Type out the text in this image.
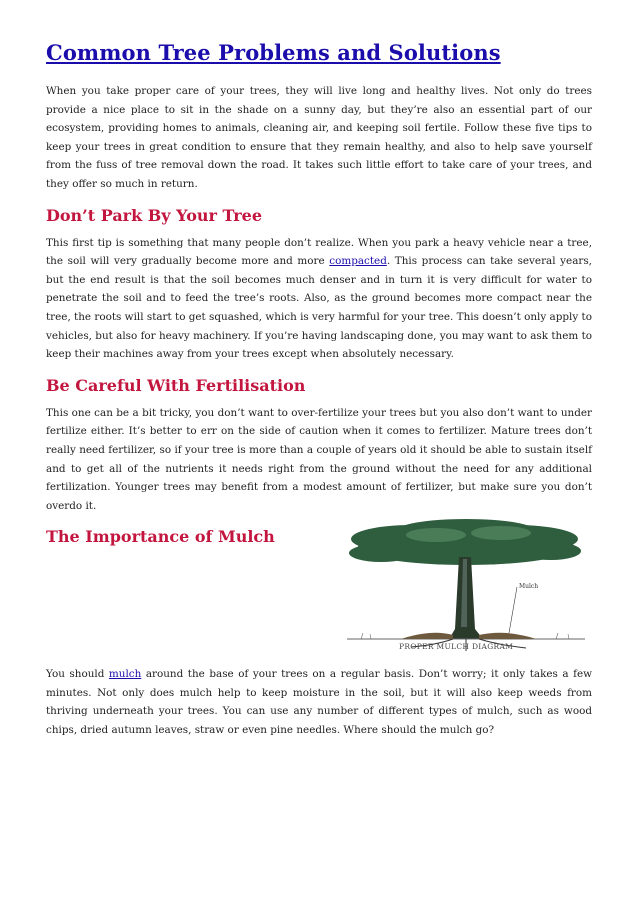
Common Tree Problems and Solutions

When you take proper care of your trees, they will live long and healthy lives. Not only do trees provide a nice place to sit in the shade on a sunny day, but they’re also an essential part of our ecosystem, providing homes to animals, cleaning air, and keeping soil fertile. Follow these five tips to keep your trees in great condition to ensure that they remain healthy, and also to help save yourself from the fuss of tree removal down the road. It takes such little effort to take care of your trees, and they offer so much in return.

Don’t Park By Your Tree

This first tip is something that many people don’t realize. When you park a heavy vehicle near a tree, the soil will very gradually become more and more compacted. This process can take several years, but the end result is that the soil becomes much denser and in turn it is very difficult for water to penetrate the soil and to feed the tree’s roots. Also, as the ground becomes more compact near the tree, the roots will start to get squashed, which is very harmful for your tree. This doesn’t only apply to vehicles, but also for heavy machinery. If you’re having landscaping done, you may want to ask them to keep their machines away from your trees except when absolutely necessary.

Be Careful With Fertilisation

This one can be a bit tricky, you don’t want to over-fertilize your trees but you also don’t want to under fertilize either. It’s better to err on the side of caution when it comes to fertilizer. Mature trees don’t really need fertilizer, so if your tree is more than a couple of years old it should be able to sustain itself and to get all of the nutrients it needs right from the ground without the need for any additional fertilization. Younger trees may benefit from a modest amount of fertilizer, but make sure you don’t overdo it.

The Importance of Mulch
Mulch
PROPER MULCH DIAGRAM

You should mulch around the base of your trees on a regular basis. Don’t worry; it only takes a few minutes. Not only does mulch help to keep moisture in the soil, but it will also keep weeds from thriving underneath your trees. You can use any number of different types of mulch, such as wood chips, dried autumn leaves, straw or even pine needles. Where should the mulch go?
